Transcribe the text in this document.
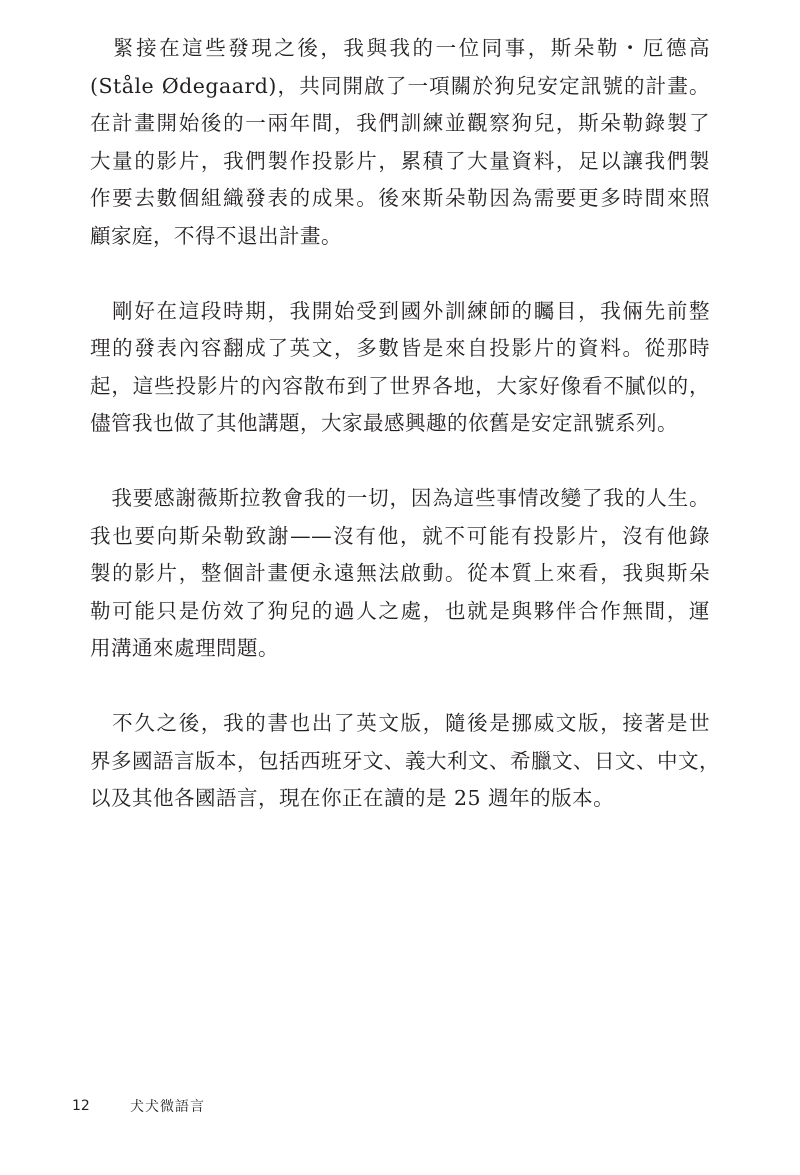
　緊接在這些發現之後，我與我的一位同事，斯朵勒・厄德高
(Ståle Ødegaard)，共同開啟了一項關於狗兒安定訊號的計畫。
在計畫開始後的一兩年間，我們訓練並觀察狗兒，斯朵勒錄製了
大量的影片，我們製作投影片，累積了大量資料，足以讓我們製
作要去數個組織發表的成果。後來斯朵勒因為需要更多時間來照
顧家庭，不得不退出計畫。
　剛好在這段時期，我開始受到國外訓練師的矚目，我倆先前整
理的發表內容翻成了英文，多數皆是來自投影片的資料。從那時
起，這些投影片的內容散布到了世界各地，大家好像看不膩似的，
儘管我也做了其他講題，大家最感興趣的依舊是安定訊號系列。
　我要感謝薇斯拉教會我的一切，因為這些事情改變了我的人生。
我也要向斯朵勒致謝——沒有他，就不可能有投影片，沒有他錄
製的影片，整個計畫便永遠無法啟動。從本質上來看，我與斯朵
勒可能只是仿效了狗兒的過人之處，也就是與夥伴合作無間，運
用溝通來處理問題。
　不久之後，我的書也出了英文版，隨後是挪威文版，接著是世
界多國語言版本，包括西班牙文、義大利文、希臘文、日文、中文，
以及其他各國語言，現在你正在讀的是 25 週年的版本。
12	犬犬微語言
